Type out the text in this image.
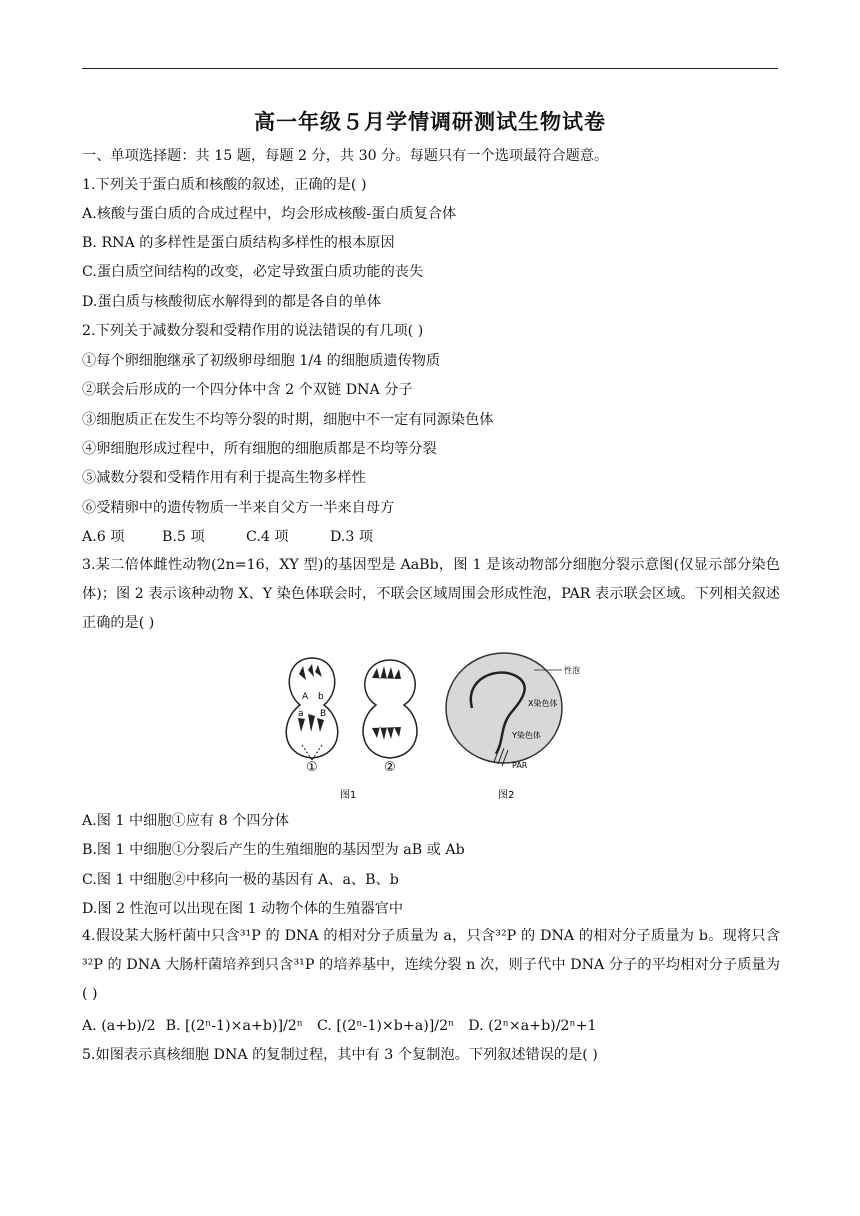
高一年级５月学情调研测试生物试卷
一、单项选择题：共 15 题，每题 2 分，共 30 分。每题只有一个选项最符合题意。
1.下列关于蛋白质和核酸的叙述，正确的是( )
A.核酸与蛋白质的合成过程中，均会形成核酸-蛋白质复合体
B. RNA 的多样性是蛋白质结构多样性的根本原因
C.蛋白质空间结构的改变，必定导致蛋白质功能的丧失
D.蛋白质与核酸彻底水解得到的都是各自的单体
2.下列关于减数分裂和受精作用的说法错误的有几项( )
①每个卵细胞继承了初级卵母细胞 1/4 的细胞质遗传物质
②联会后形成的一个四分体中含 2 个双链 DNA 分子
③细胞质正在发生不均等分裂的时期，细胞中不一定有同源染色体
④卵细胞形成过程中，所有细胞的细胞质都是不均等分裂
⑤减数分裂和受精作用有利于提高生物多样性
⑥受精卵中的遗传物质一半来自父方一半来自母方
A.6 项	B.5 项	C.4 项	D.3 项
3.某二倍体雌性动物(2n=16，XY 型)的基因型是 AaBb，图 1 是该动物部分细胞分裂示意图(仅显示部分染色体)；图 2 表示该种动物 X、Y 染色体联会时，不联会区域周围会形成性泡，PAR 表示联会区域。下列相关叙述正确的是( )
A b
a B
①	②
性泡
X染色体
Y染色体
PAR
图1	图2
A.图 1 中细胞①应有 8 个四分体
B.图 1 中细胞①分裂后产生的生殖细胞的基因型为 aB 或 Ab
C.图 1 中细胞②中移向一极的基因有 A、a、B、b
D.图 2 性泡可以出现在图 1 动物个体的生殖器官中
4.假设某大肠杆菌中只含³¹P 的 DNA 的相对分子质量为 a，只含³²P 的 DNA 的相对分子质量为 b。现将只含³²P 的 DNA 大肠杆菌培养到只含³¹P 的培养基中，连续分裂 n 次，则子代中 DNA 分子的平均相对分子质量为( )
A. (a+b)/2 B. [(2ⁿ-1)×a+b)]/2ⁿ C. [(2ⁿ-1)×b+a)]/2ⁿ D. (2ⁿ×a+b)/2ⁿ+1
5.如图表示真核细胞 DNA 的复制过程，其中有 3 个复制泡。下列叙述错误的是( )
